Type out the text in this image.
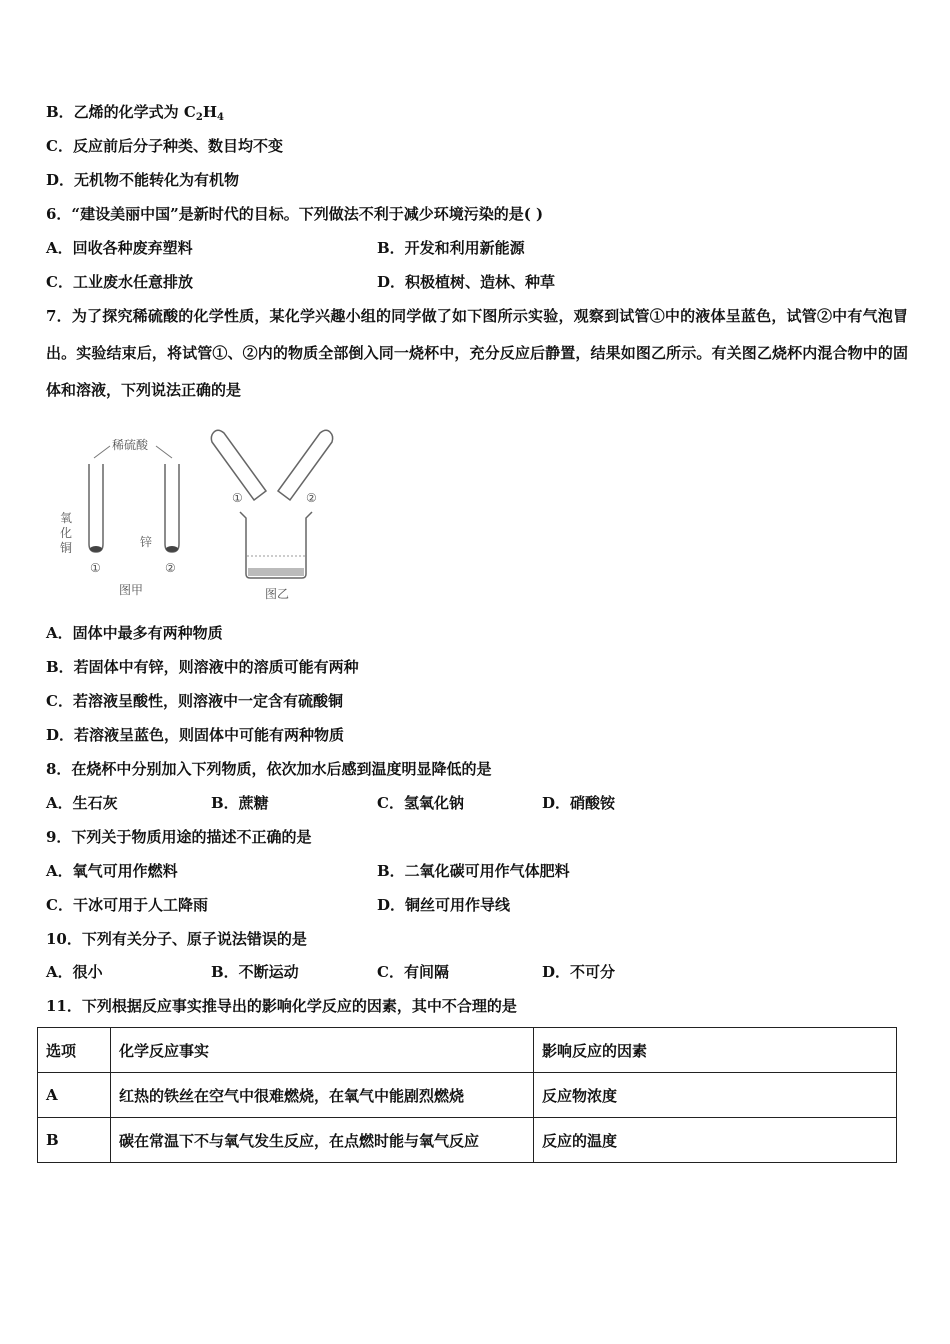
B．乙烯的化学式为 $C_2H_4$
C．反应前后分子种类、数目均不变
D．无机物不能转化为有机物
6．“建设美丽中国”是新时代的目标。下列做法不利于减少环境污染的是( )
A．回收各种废弃塑料	B．开发和利用新能源
C．工业废水任意排放	D．积极植树、造林、种草
7．为了探究稀硫酸的化学性质，某化学兴趣小组的同学做了如下图所示实验，观察到试管①中的液体呈蓝色，试管②中有气泡冒出。实验结束后，将试管①、②内的物质全部倒入同一烧杯中，充分反应后静置，结果如图乙所示。有关图乙烧杯内混合物中的固体和溶液，下列说法正确的是
稀硫酸
氧
化
铜	锌
①	②
图甲
①	②
图乙
A．固体中最多有两种物质
B．若固体中有锌，则溶液中的溶质可能有两种
C．若溶液呈酸性，则溶液中一定含有硫酸铜
D．若溶液呈蓝色，则固体中可能有两种物质
8．在烧杯中分别加入下列物质，依次加水后感到温度明显降低的是
A．生石灰	B．蔗糖	C．氢氧化钠	D．硝酸铵
9．下列关于物质用途的描述不正确的是
A．氧气可用作燃料	B．二氧化碳可用作气体肥料
C．干冰可用于人工降雨	D．铜丝可用作导线
10．下列有关分子、原子说法错误的是
A．很小	B．不断运动	C．有间隔	D．不可分
11．下列根据反应事实推导出的影响化学反应的因素，其中不合理的是
选项	化学反应事实	影响反应的因素
A	红热的铁丝在空气中很难燃烧，在氧气中能剧烈燃烧	反应物浓度
B	碳在常温下不与氧气发生反应，在点燃时能与氧气反应	反应的温度
